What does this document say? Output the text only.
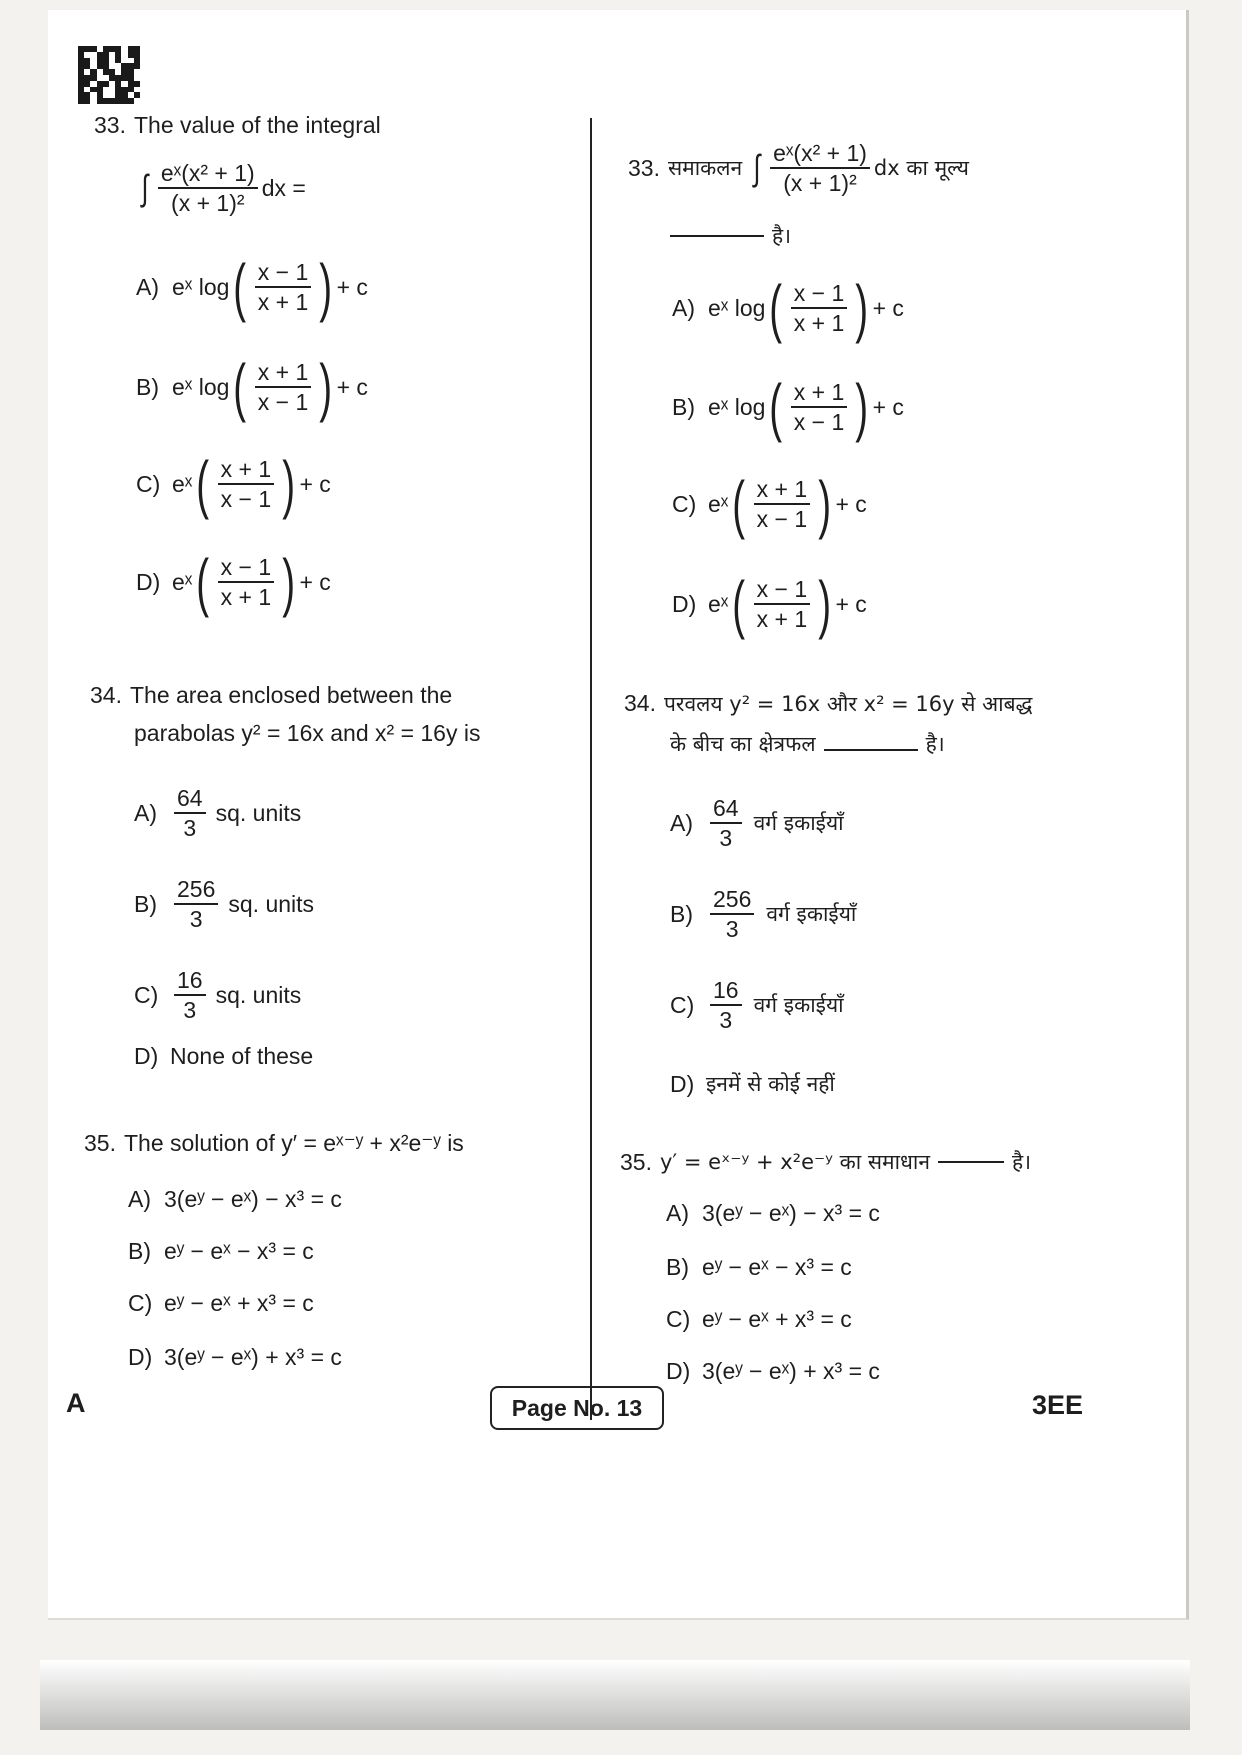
33. The value of the integral
∫ $\frac{\text{eˣ(x² + 1)}}{\text{(x + 1)²}}$ dx =
A) eˣ log ( $\frac{x - 1}{x + 1}$ ) + c
B) eˣ log ( $\frac{x + 1}{x - 1}$ ) + c
C) eˣ ( $\frac{x + 1}{x - 1}$ ) + c
D) eˣ ( $\frac{x - 1}{x + 1}$ ) + c
34. The area enclosed between the
parabolas y² = 16x and x² = 16y is
$A) \frac{64}{3}$ sq. units
$B) \frac{256}{3}$ sq. units
$C) \frac{16}{3}$ sq. units
D) None of these
35. The solution of y′ = eˣ⁻ʸ + x²e⁻ʸ is
A) 3(eʸ − eˣ) − x³ = c
B) eʸ − eˣ − x³ = c
C) eʸ − eˣ + x³ = c
D) 3(eʸ − eˣ) + x³ = c
33. समाकलन ∫ $\frac{\text{eˣ(x² + 1)}}{\text{(x + 1)²}}$ dx का मूल्य
है।
A) eˣ log ( $\frac{x - 1}{x + 1}$ ) + c
B) eˣ log ( $\frac{x + 1}{x - 1}$ ) + c
C) eˣ ( $\frac{x + 1}{x - 1}$ ) + c
D) eˣ ( $\frac{x - 1}{x + 1}$ ) + c
34. परवलय y² = 16x और x² = 16y से आबद्ध
के बीच का क्षेत्रफल	है।
$A) \frac{64}{3}$ वर्ग इकाईयाँ
$B) \frac{256}{3}$ वर्ग इकाईयाँ
$C) \frac{16}{3}$ वर्ग इकाईयाँ
D) इनमें से कोई नहीं
35. y′ = eˣ⁻ʸ + x²e⁻ʸ का समाधान	है।
A) 3(eʸ − eˣ) − x³ = c
B) eʸ − eˣ − x³ = c
C) eʸ − eˣ + x³ = c
D) 3(eʸ − eˣ) + x³ = c
A	Page No. 13	3EE
